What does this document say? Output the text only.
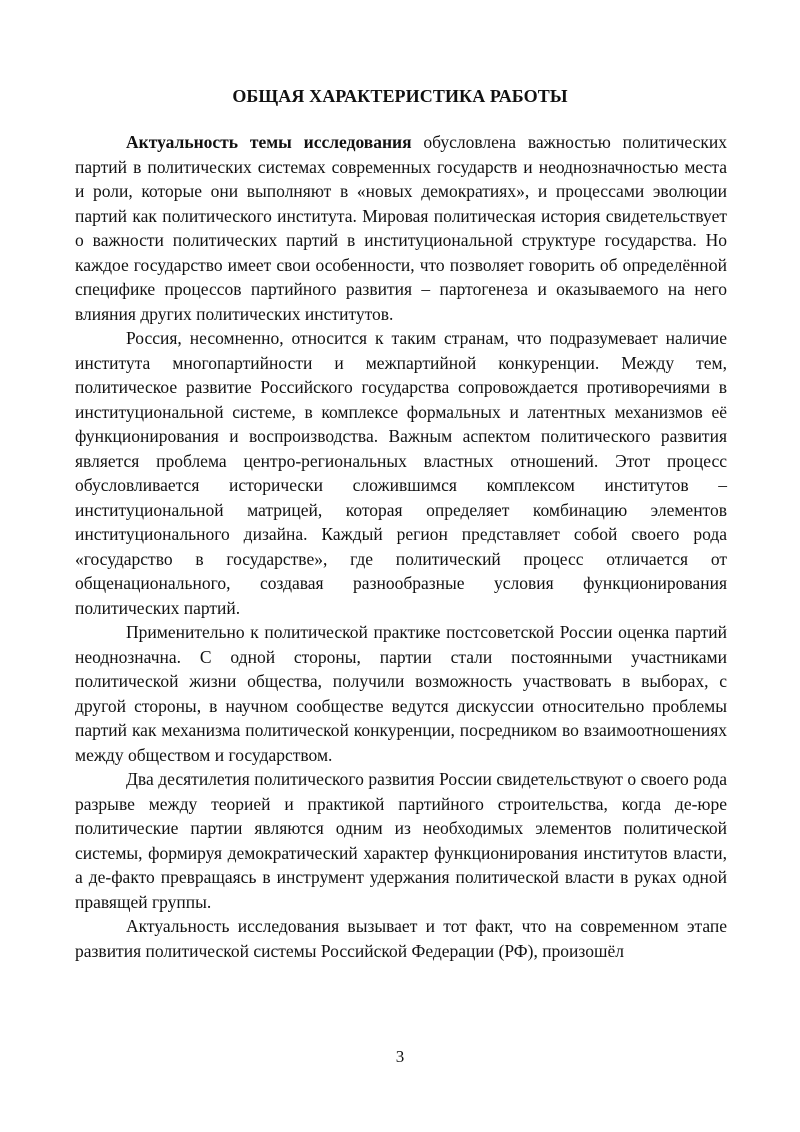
ОБЩАЯ ХАРАКТЕРИСТИКА РАБОТЫ

Актуальность темы исследования обусловлена важностью политических партий в политических системах современных государств и неоднозначностью места и роли, которые они выполняют в «новых демократиях», и процессами эволюции партий как политического института. Мировая политическая история свидетельствует о важности политических партий в институциональной структуре государства. Но каждое государство имеет свои особенности, что позволяет говорить об определённой специфике процессов партийного развития – партогенеза и оказываемого на него влияния других политических институтов.

Россия, несомненно, относится к таким странам, что подразумевает наличие института многопартийности и межпартийной конкуренции. Между тем, политическое развитие Российского государства сопровождается противоречиями в институциональной системе, в комплексе формальных и латентных механизмов её функционирования и воспроизводства. Важным аспектом политического развития является проблема центро-региональных властных отношений. Этот процесс обусловливается исторически сложившимся комплексом институтов – институциональной матрицей, которая определяет комбинацию элементов институционального дизайна. Каждый регион представляет собой своего рода «государство в государстве», где политический процесс отличается от общенационального, создавая разнообразные условия функционирования политических партий.

Применительно к политической практике постсоветской России оценка партий неоднозначна. С одной стороны, партии стали постоянными участниками политической жизни общества, получили возможность участвовать в выборах, с другой стороны, в научном сообществе ведутся дискуссии относительно проблемы партий как механизма политической конкуренции, посредником во взаимоотношениях между обществом и государством.

Два десятилетия политического развития России свидетельствуют о своего рода разрыве между теорией и практикой партийного строительства, когда де-юре политические партии являются одним из необходимых элементов политической системы, формируя демократический характер функционирования институтов власти, а де-факто превращаясь в инструмент удержания политической власти в руках одной правящей группы.

Актуальность исследования вызывает и тот факт, что на современном этапе развития политической системы Российской Федерации (РФ), произошёл

3
